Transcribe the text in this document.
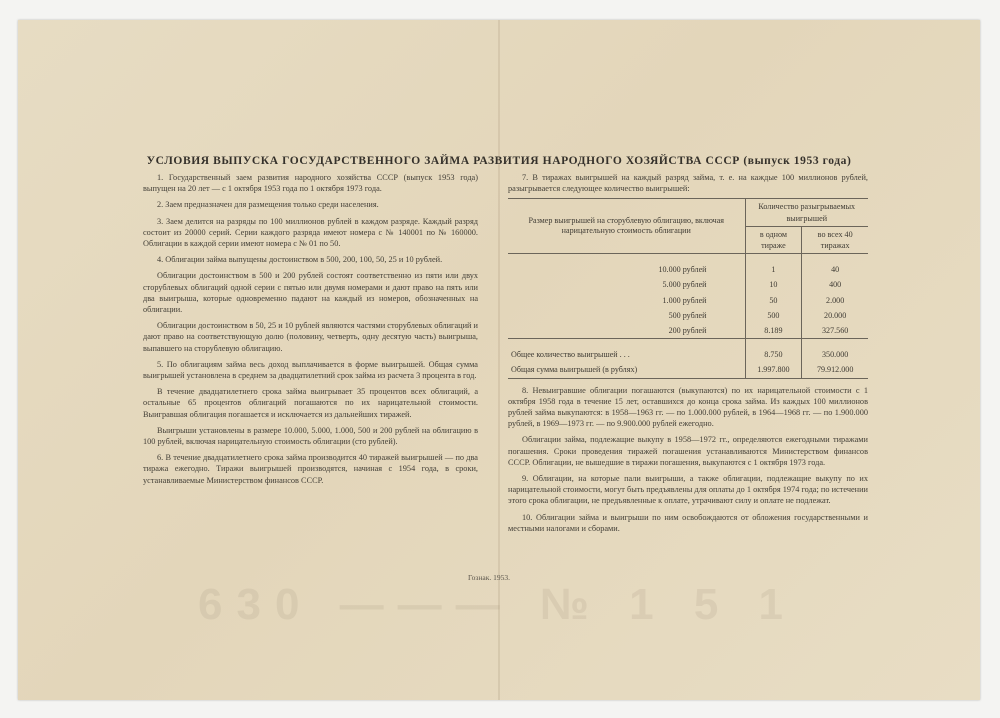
630 ——— № 1 5 1
УСЛОВИЯ ВЫПУСКА ГОСУДАРСТВЕННОГО ЗАЙМА РАЗВИТИЯ НАРОДНОГО ХОЗЯЙСТВА СССР (выпуск 1953 года)

1. Государственный заем развития народного хозяйства СССР (выпуск 1953 года) выпущен на 20 лет — с 1 октября 1953 года по 1 октября 1973 года.

2. Заем предназначен для размещения только среди населения.

3. Заем делится на разряды по 100 миллионов рублей в каждом разряде. Каждый разряд состоит из 20000 серий. Серии каждого разряда имеют номера с № 140001 по № 160000. Облигации в каждой серии имеют номера с № 01 по 50.

4. Облигации займа выпущены достоинством в 500, 200, 100, 50, 25 и 10 рублей.

Облигации достоинством в 500 и 200 рублей состоят соответственно из пяти или двух сторублевых облигаций одной серии с пятью или двумя номерами и дают право на пять или два выигрыша, которые одновременно падают на каждый из номеров, обозначенных на облигации.

Облигации достоинством в 50, 25 и 10 рублей являются частями сторублевых облигаций и дают право на соответствующую долю (половину, четверть, одну десятую часть) выигрыша, выпавшего на сторублевую облигацию.

5. По облигациям займа весь доход выплачивается в форме выигрышей. Общая сумма выигрышей установлена в среднем за двадцатилетний срок займа из расчета 3 процента в год.

В течение двадцатилетнего срока займа выигрывает 35 процентов всех облигаций, а остальные 65 процентов облигаций погашаются по их нарицательной стоимости. Выигравшая облигация погашается и исключается из дальнейших тиражей.

Выигрыши установлены в размере 10.000, 5.000, 1.000, 500 и 200 рублей на облигацию в 100 рублей, включая нарицательную стоимость облигации (сто рублей).

6. В течение двадцатилетнего срока займа производится 40 тиражей выигрышей — по два тиража ежегодно. Тиражи выигрышей производятся, начиная с 1954 года, в сроки, устанавливаемые Министерством финансов СССР.

7. В тиражах выигрышей на каждый разряд займа, т. е. на каждые 100 миллионов рублей, разыгрывается следующее количество выигрышей:

Размер выигрышей на сторублевую облигацию, включая нарицательную стоимость облигации	Количество разыгрываемых выигрышей	
	в одном тираже	во всех 40 тиражах

10.000 рублей	1	40
5.000 рублей	10	400
1.000 рублей	50	2.000
500 рублей	500	20.000
200 рублей	8.189	327.560

Общее количество выигрышей . . .	8.750	350.000
Общая сумма выигрышей (в рублях)	1.997.800	79.912.000

8. Невыигравшие облигации погашаются (выкупаются) по их нарицательной стоимости с 1 октября 1958 года в течение 15 лет, оставшихся до конца срока займа. Из каждых 100 миллионов рублей займа выкупаются: в 1958—1963 гг. — по 1.000.000 рублей, в 1964—1968 гг. — по 1.900.000 рублей, в 1969—1973 гг. — по 9.900.000 рублей ежегодно.

Облигации займа, подлежащие выкупу в 1958—1972 гг., определяются ежегодными тиражами погашения. Сроки проведения тиражей погашения устанавливаются Министерством финансов СССР. Облигации, не вышедшие в тиражи погашения, выкупаются с 1 октября 1973 года.

9. Облигации, на которые пали выигрыши, а также облигации, подлежащие выкупу по их нарицательной стоимости, могут быть предъявлены для оплаты до 1 октября 1974 года; по истечении этого срока облигации, не предъявленные к оплате, утрачивают силу и оплате не подлежат.

10. Облигации займа и выигрыши по ним освобождаются от обложения государственными и местными налогами и сборами.

Гознак. 1953.
